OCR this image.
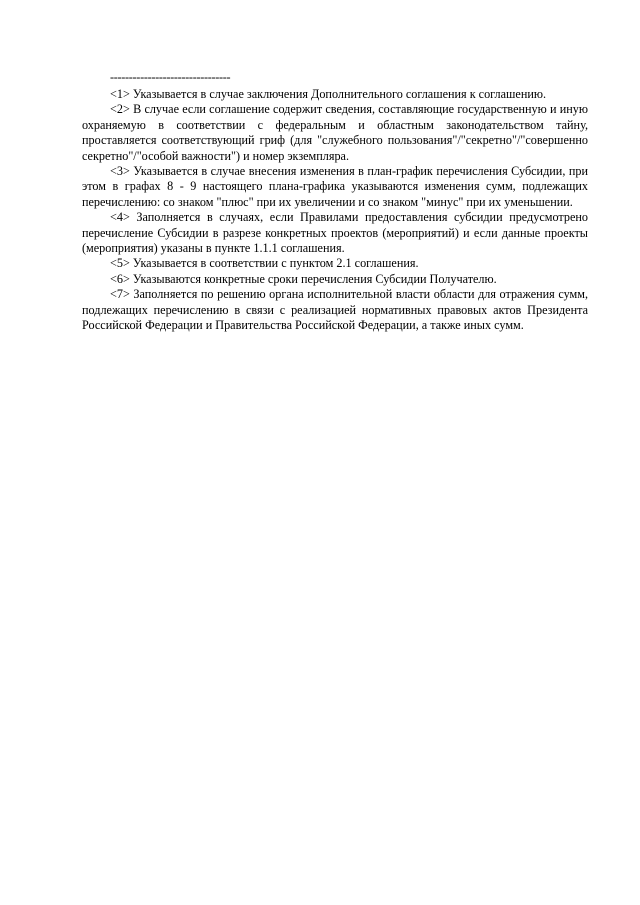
--------------------------------

<1> Указывается в случае заключения Дополнительного соглашения к соглашению.

<2> В случае если соглашение содержит сведения, составляющие государственную и иную охраняемую в соответствии с федеральным и областным законодательством тайну, проставляется соответствующий гриф (для "служебного пользования"/"секретно"/"совершенно секретно"/"особой важности") и номер экземпляра.

<3> Указывается в случае внесения изменения в план-график перечисления Субсидии, при этом в графах 8 - 9 настоящего плана-графика указываются изменения сумм, подлежащих перечислению: со знаком "плюс" при их увеличении и со знаком "минус" при их уменьшении.

<4> Заполняется в случаях, если Правилами предоставления субсидии предусмотрено перечисление Субсидии в разрезе конкретных проектов (мероприятий) и если данные проекты (мероприятия) указаны в пункте 1.1.1 соглашения.

<5> Указывается в соответствии с пунктом 2.1 соглашения.

<6> Указываются конкретные сроки перечисления Субсидии Получателю.

<7> Заполняется по решению органа исполнительной власти области для отражения сумм, подлежащих перечислению в связи с реализацией нормативных правовых актов Президента Российской Федерации и Правительства Российской Федерации, а также иных сумм.
